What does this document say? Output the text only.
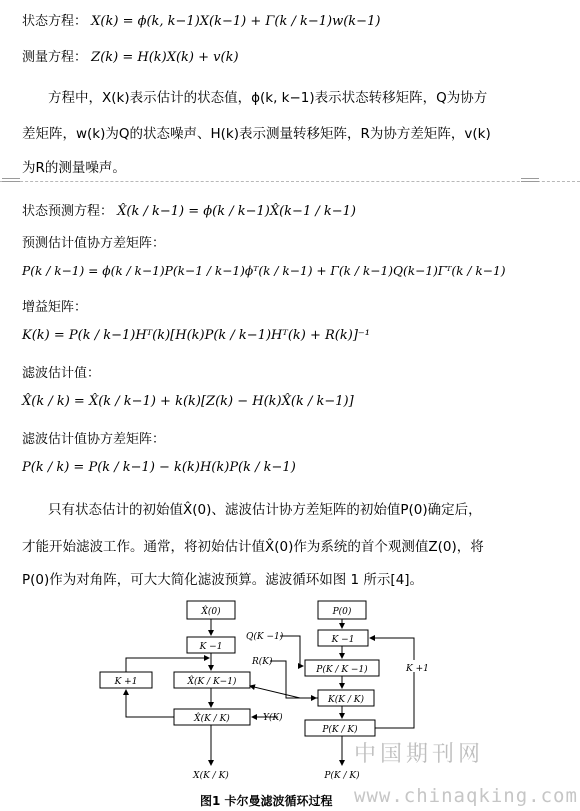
状态方程： X(k) = ϕ(k, k−1)X(k−1) + Γ(k / k−1)w(k−1)
测量方程： Z(k) = H(k)X(k) + v(k)
方程中，X(k)表示估计的状态值，ϕ(k, k−1)表示状态转移矩阵，Q为协方
差矩阵，w(k)为Q的状态噪声、H(k)表示测量转移矩阵，R为协方差矩阵，v(k)
为R的测量噪声。
状态预测方程： X̂(k / k−1) = ϕ(k / k−1)X̂(k−1 / k−1)
预测估计值协方差矩阵：
P(k / k−1) = ϕ(k / k−1)P(k−1 / k−1)ϕᵀ(k / k−1) + Γ(k / k−1)Q(k−1)Γᵀ(k / k−1)
增益矩阵：
K(k) = P(k / k−1)Hᵀ(k)[H(k)P(k / k−1)Hᵀ(k) + R(k)]⁻¹
滤波估计值：
X̂(k / k) = X̂(k / k−1) + k(k)[Z(k) − H(k)X̂(k / k−1)]
滤波估计值协方差矩阵：
P(k / k) = P(k / k−1) − k(k)H(k)P(k / k−1)
只有状态估计的初始值X̂(0)、滤波估计协方差矩阵的初始值P(0)确定后，
才能开始滤波工作。通常，将初始估计值X̂(0)作为系统的首个观测值Z(0)，将
P(0)作为对角阵，可大大简化滤波预算。滤波循环如图 1 所示[4]。
X̂(0)
K −1
K +1	X̂(K / K−1)
X̂(K / K)	Y(K)
X(K / K)
P(0)
K −1
Q(K −1)
R(K)
P(K / K −1)
K(K / K)
P(K / K)
P(K / K)
K +1
中国期刊网
图1 卡尔曼滤波循环过程 www.chinaqking.com
